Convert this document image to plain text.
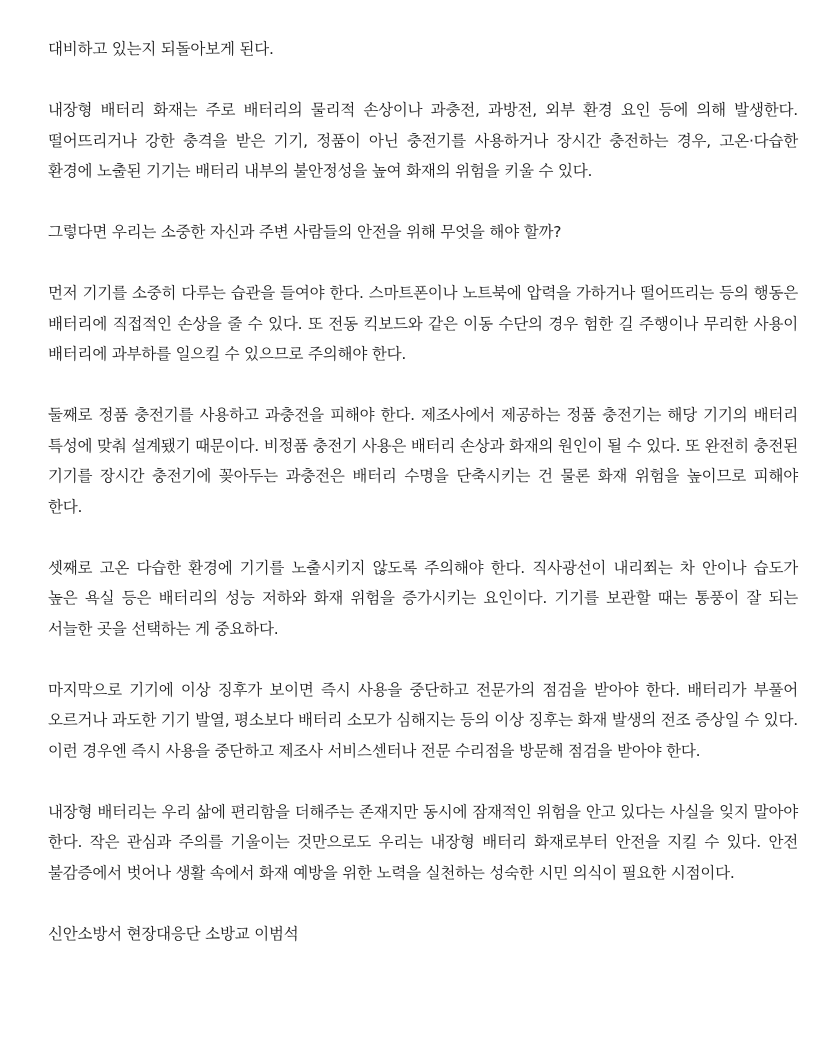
대비하고 있는지 되돌아보게 된다.

내장형 배터리 화재는 주로 배터리의 물리적 손상이나 과충전, 과방전, 외부 환경 요인 등에 의해 발생한다. 떨어뜨리거나 강한 충격을 받은 기기, 정품이 아닌 충전기를 사용하거나 장시간 충전하는 경우, 고온·다습한 환경에 노출된 기기는 배터리 내부의 불안정성을 높여 화재의 위험을 키울 수 있다.

그렇다면 우리는 소중한 자신과 주변 사람들의 안전을 위해 무엇을 해야 할까?

먼저 기기를 소중히 다루는 습관을 들여야 한다. 스마트폰이나 노트북에 압력을 가하거나 떨어뜨리는 등의 행동은 배터리에 직접적인 손상을 줄 수 있다. 또 전동 킥보드와 같은 이동 수단의 경우 험한 길 주행이나 무리한 사용이 배터리에 과부하를 일으킬 수 있으므로 주의해야 한다.

둘째로 정품 충전기를 사용하고 과충전을 피해야 한다. 제조사에서 제공하는 정품 충전기는 해당 기기의 배터리 특성에 맞춰 설계됐기 때문이다. 비정품 충전기 사용은 배터리 손상과 화재의 원인이 될 수 있다. 또 완전히 충전된 기기를 장시간 충전기에 꽂아두는 과충전은 배터리 수명을 단축시키는 건 물론 화재 위험을 높이므로 피해야 한다.

셋째로 고온 다습한 환경에 기기를 노출시키지 않도록 주의해야 한다. 직사광선이 내리쬐는 차 안이나 습도가 높은 욕실 등은 배터리의 성능 저하와 화재 위험을 증가시키는 요인이다. 기기를 보관할 때는 통풍이 잘 되는 서늘한 곳을 선택하는 게 중요하다.

마지막으로 기기에 이상 징후가 보이면 즉시 사용을 중단하고 전문가의 점검을 받아야 한다. 배터리가 부풀어 오르거나 과도한 기기 발열, 평소보다 배터리 소모가 심해지는 등의 이상 징후는 화재 발생의 전조 증상일 수 있다. 이런 경우엔 즉시 사용을 중단하고 제조사 서비스센터나 전문 수리점을 방문해 점검을 받아야 한다.

내장형 배터리는 우리 삶에 편리함을 더해주는 존재지만 동시에 잠재적인 위험을 안고 있다는 사실을 잊지 말아야 한다. 작은 관심과 주의를 기울이는 것만으로도 우리는 내장형 배터리 화재로부터 안전을 지킬 수 있다. 안전 불감증에서 벗어나 생활 속에서 화재 예방을 위한 노력을 실천하는 성숙한 시민 의식이 필요한 시점이다.

신안소방서 현장대응단 소방교 이범석
